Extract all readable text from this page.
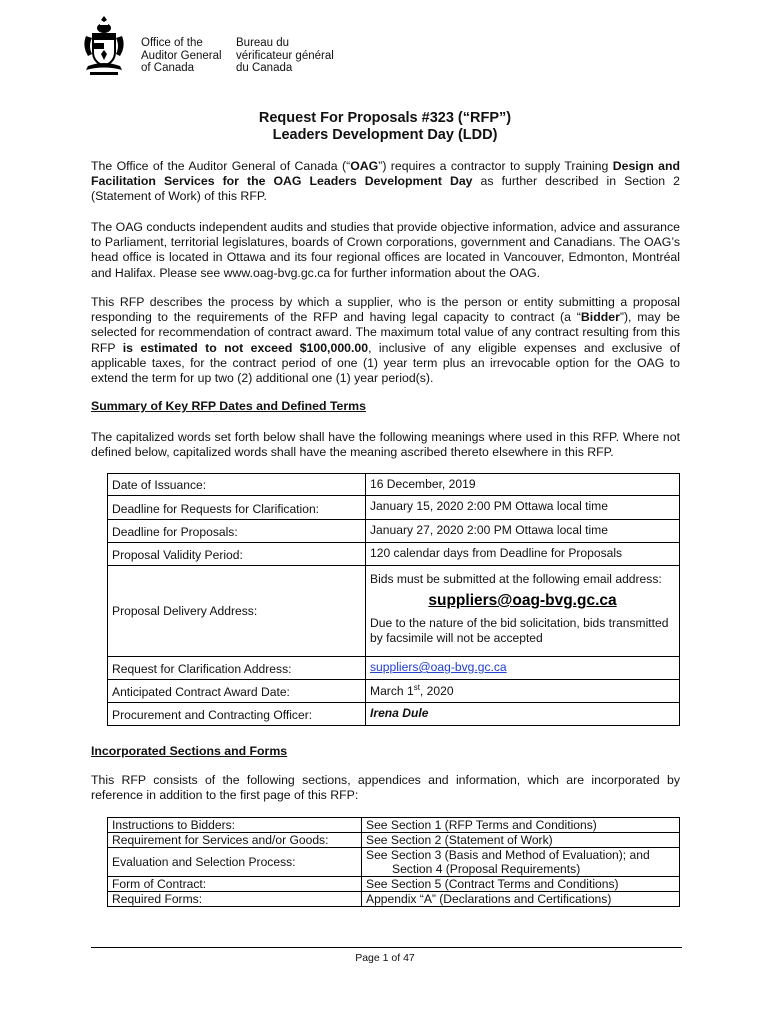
Office of the
Auditor General
of Canada
Bureau du
vérificateur général
du Canada
Request For Proposals #323 (“RFP”)
Leaders Development Day (LDD)
The Office of the Auditor General of Canada (“OAG”) requires a contractor to supply Training Design and Facilitation Services for the OAG Leaders Development Day as further described in Section 2 (Statement of Work) of this RFP.
The OAG conducts independent audits and studies that provide objective information, advice and assurance to Parliament, territorial legislatures, boards of Crown corporations, government and Canadians. The OAG’s head office is located in Ottawa and its four regional offices are located in Vancouver, Edmonton, Montréal and Halifax. Please see www.oag-bvg.gc.ca for further information about the OAG.
This RFP describes the process by which a supplier, who is the person or entity submitting a proposal responding to the requirements of the RFP and having legal capacity to contract (a “Bidder”), may be selected for recommendation of contract award. The maximum total value of any contract resulting from this RFP is estimated to not exceed $100,000.00, inclusive of any eligible expenses and exclusive of applicable taxes, for the contract period of one (1) year term plus an irrevocable option for the OAG to extend the term for up two (2) additional one (1) year period(s).
Summary of Key RFP Dates and Defined Terms
The capitalized words set forth below shall have the following meanings where used in this RFP. Where not defined below, capitalized words shall have the meaning ascribed thereto elsewhere in this RFP.
Date of Issuance:	16 December, 2019
Deadline for Requests for Clarification:	January 15, 2020 2:00 PM Ottawa local time
Deadline for Proposals:	January 27, 2020 2:00 PM Ottawa local time
Proposal Validity Period:	120 calendar days from Deadline for Proposals
Proposal Delivery Address:	Bids must be submitted at the following email address:
suppliers@oag-bvg.gc.ca
Due to the nature of the bid solicitation, bids transmitted by facsimile will not be accepted

Request for Clarification Address:	suppliers@oag-bvg.gc.ca
Anticipated Contract Award Date:	March 1st, 2020
Procurement and Contracting Officer:	Irena Dule
Incorporated Sections and Forms
This RFP consists of the following sections, appendices and information, which are incorporated by reference in addition to the first page of this RFP:
Instructions to Bidders:	See Section 1 (RFP Terms and Conditions)
Requirement for Services and/or Goods:	See Section 2 (Statement of Work)
Evaluation and Selection Process:	See Section 3 (Basis and Method of Evaluation); and
Section 4 (Proposal Requirements)

Form of Contract:	See Section 5 (Contract Terms and Conditions)
Required Forms:	Appendix “A” (Declarations and Certifications)
Page 1 of 47
